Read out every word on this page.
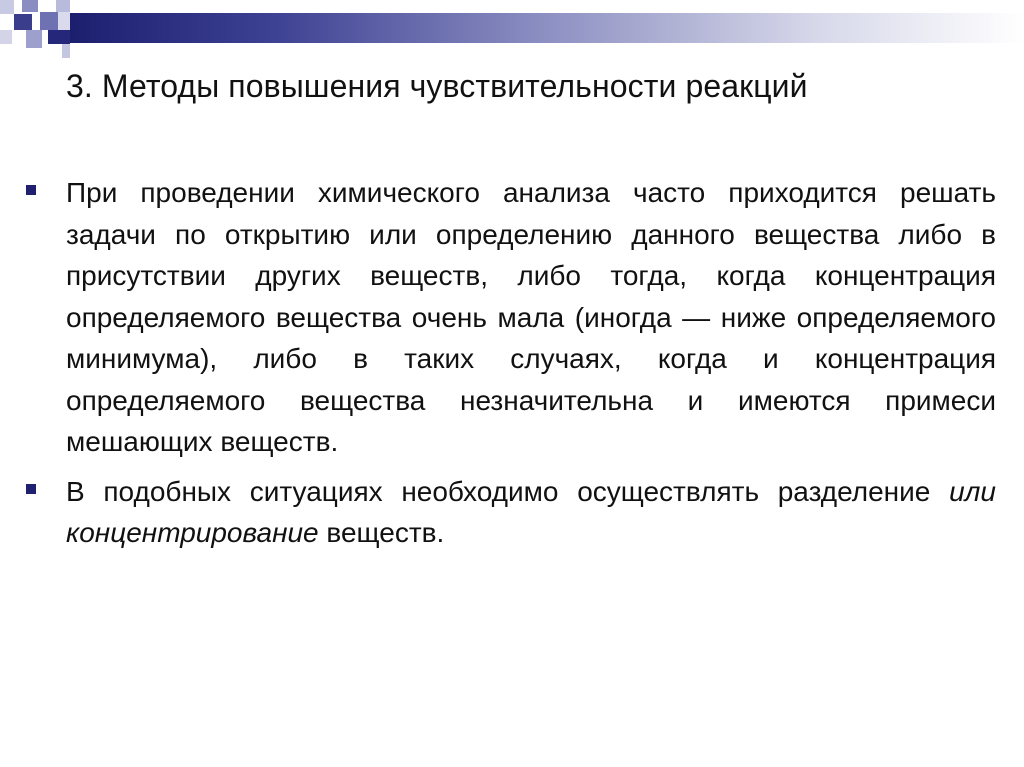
3. Методы повышения чувствительности реакций
При проведении химического анализа часто приходится решать задачи по открытию или определению данного вещества либо в присутствии других веществ, либо тогда, когда концентрация определяемого вещества очень мала (иногда — ниже определяемого минимума), либо в таких случаях, когда и концентрация определяемого вещества незначительна и имеются примеси мешающих веществ.
В подобных ситуациях необходимо осуществлять разделение или концентрирование веществ.
